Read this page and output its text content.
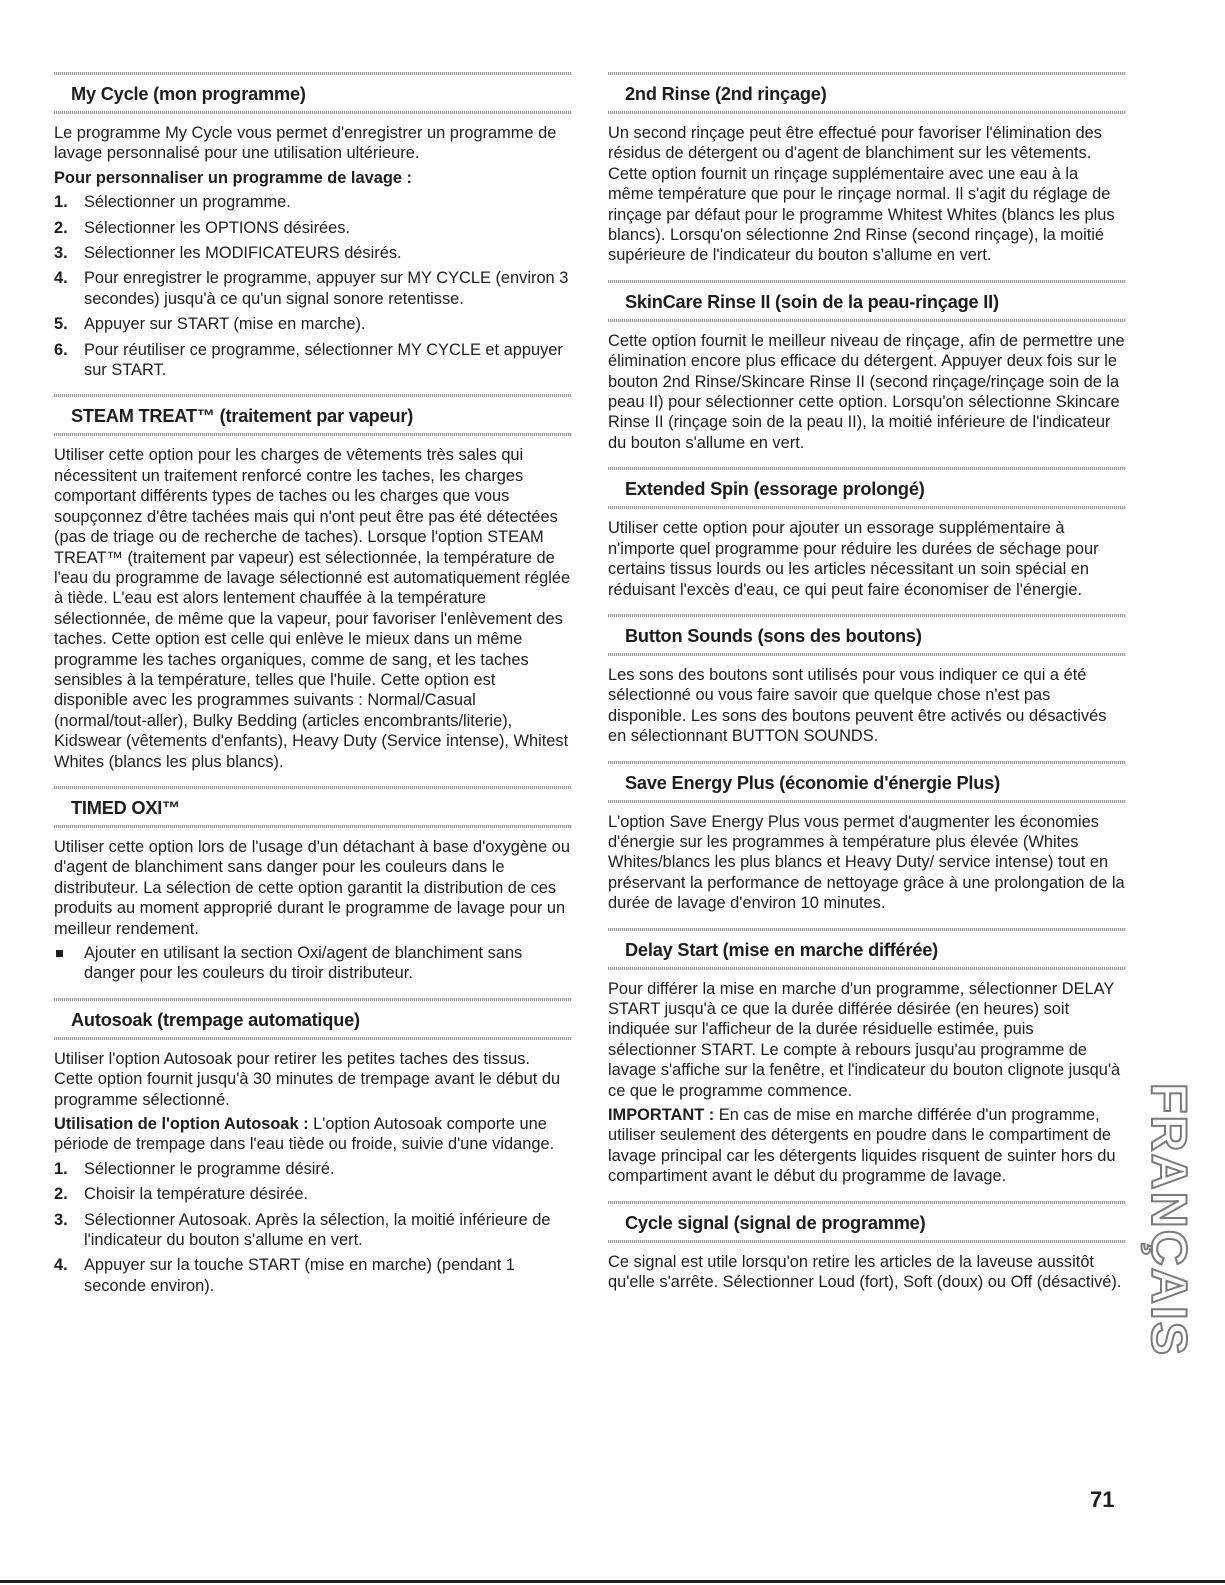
My Cycle (mon programme)

Le programme My Cycle vous permet d'enregistrer un programme de lavage personnalisé pour une utilisation ultérieure.

Pour personnaliser un programme de lavage :

1. Sélectionner un programme.
2. Sélectionner les OPTIONS désirées.
3. Sélectionner les MODIFICATEURS désirés.
4. Pour enregistrer le programme, appuyer sur MY CYCLE (environ 3 secondes) jusqu'à ce qu'un signal sonore retentisse.
5. Appuyer sur START (mise en marche).
6. Pour réutiliser ce programme, sélectionner MY CYCLE et appuyer sur START.
STEAM TREAT™ (traitement par vapeur)

Utiliser cette option pour les charges de vêtements très sales qui nécessitent un traitement renforcé contre les taches, les charges comportant différents types de taches ou les charges que vous soupçonnez d'être tachées mais qui n'ont peut être pas été détectées (pas de triage ou de recherche de taches). Lorsque l'option STEAM TREAT™ (traitement par vapeur) est sélectionnée, la température de l'eau du programme de lavage sélectionné est automatiquement réglée à tiède. L'eau est alors lentement chauffée à la température sélectionnée, de même que la vapeur, pour favoriser l'enlèvement des taches. Cette option est celle qui enlève le mieux dans un même programme les taches organiques, comme de sang, et les taches sensibles à la température, telles que l'huile. Cette option est disponible avec les programmes suivants : Normal/Casual (normal/tout-aller), Bulky Bedding (articles encombrants/literie), Kidswear (vêtements d'enfants), Heavy Duty (Service intense), Whitest Whites (blancs les plus blancs).

TIMED OXI™

Utiliser cette option lors de l'usage d'un détachant à base d'oxygène ou d'agent de blanchiment sans danger pour les couleurs dans le distributeur. La sélection de cette option garantit la distribution de ces produits au moment approprié durant le programme de lavage pour un meilleur rendement.

Ajouter en utilisant la section Oxi/agent de blanchiment sans danger pour les couleurs du tiroir distributeur.
Autosoak (trempage automatique)

Utiliser l'option Autosoak pour retirer les petites taches des tissus. Cette option fournit jusqu'à 30 minutes de trempage avant le début du programme sélectionné.

Utilisation de l'option Autosoak : L'option Autosoak comporte une période de trempage dans l'eau tiède ou froide, suivie d'une vidange.

1. Sélectionner le programme désiré.
2. Choisir la température désirée.
3. Sélectionner Autosoak. Après la sélection, la moitié inférieure de l'indicateur du bouton s'allume en vert.
4. Appuyer sur la touche START (mise en marche) (pendant 1 seconde environ).
2nd Rinse (2nd rinçage)

Un second rinçage peut être effectué pour favoriser l'élimination des résidus de détergent ou d'agent de blanchiment sur les vêtements. Cette option fournit un rinçage supplémentaire avec une eau à la même température que pour le rinçage normal. Il s'agit du réglage de rinçage par défaut pour le programme Whitest Whites (blancs les plus blancs). Lorsqu'on sélectionne 2nd Rinse (second rinçage), la moitié supérieure de l'indicateur du bouton s'allume en vert.

SkinCare Rinse II (soin de la peau-rinçage II)

Cette option fournit le meilleur niveau de rinçage, afin de permettre une élimination encore plus efficace du détergent. Appuyer deux fois sur le bouton 2nd Rinse/Skincare Rinse II (second rinçage/rinçage soin de la peau II) pour sélectionner cette option. Lorsqu'on sélectionne Skincare Rinse II (rinçage soin de la peau II), la moitié inférieure de l'indicateur du bouton s'allume en vert.

Extended Spin (essorage prolongé)

Utiliser cette option pour ajouter un essorage supplémentaire à n'importe quel programme pour réduire les durées de séchage pour certains tissus lourds ou les articles nécessitant un soin spécial en réduisant l'excès d'eau, ce qui peut faire économiser de l'énergie.

Button Sounds (sons des boutons)

Les sons des boutons sont utilisés pour vous indiquer ce qui a été sélectionné ou vous faire savoir que quelque chose n'est pas disponible. Les sons des boutons peuvent être activés ou désactivés en sélectionnant BUTTON SOUNDS.

Save Energy Plus (économie d'énergie Plus)

L'option Save Energy Plus vous permet d'augmenter les économies d'énergie sur les programmes à température plus élevée (Whites Whites/blancs les plus blancs et Heavy Duty/ service intense) tout en préservant la performance de nettoyage grâce à une prolongation de la durée de lavage d'environ 10 minutes.

Delay Start (mise en marche différée)

Pour différer la mise en marche d'un programme, sélectionner DELAY START jusqu'à ce que la durée différée désirée (en heures) soit indiquée sur l'afficheur de la durée résiduelle estimée, puis sélectionner START. Le compte à rebours jusqu'au programme de lavage s'affiche sur la fenêtre, et l'indicateur du bouton clignote jusqu'à ce que le programme commence.

IMPORTANT : En cas de mise en marche différée d'un programme, utiliser seulement des détergents en poudre dans le compartiment de lavage principal car les détergents liquides risquent de suinter hors du compartiment avant le début du programme de lavage.

Cycle signal (signal de programme)

Ce signal est utile lorsqu'on retire les articles de la laveuse aussitôt qu'elle s'arrête. Sélectionner Loud (fort), Soft (doux) ou Off (désactivé). FRANÇAIS
71
